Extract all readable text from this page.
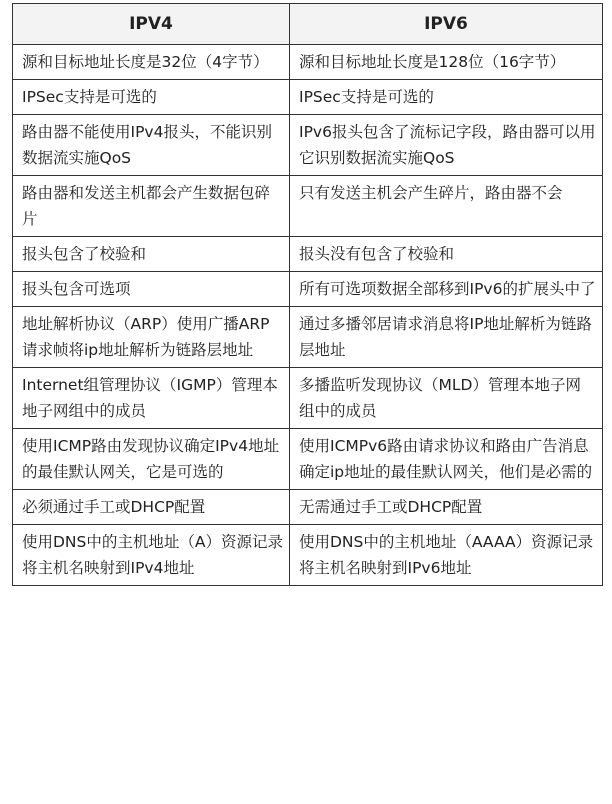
IPV4	IPV6
源和目标地址长度是32位（4字节）	源和目标地址长度是128位（16字节）
IPSec支持是可选的	IPSec支持是可选的
路由器不能使用IPv4报头，不能识别数据流实施QoS	IPv6报头包含了流标记字段，路由器可以用它识别数据流实施QoS
路由器和发送主机都会产生数据包碎片	只有发送主机会产生碎片，路由器不会
报头包含了校验和	报头没有包含了校验和
报头包含可选项	所有可选项数据全部移到IPv6的扩展头中了
地址解析协议（ARP）使用广播ARP请求帧将ip地址解析为链路层地址	通过多播邻居请求消息将IP地址解析为链路层地址
Internet组管理协议（IGMP）管理本地子网组中的成员	多播监听发现协议（MLD）管理本地子网组中的成员
使用ICMP路由发现协议确定IPv4地址的最佳默认网关，它是可选的	使用ICMPv6路由请求协议和路由广告消息确定ip地址的最佳默认网关，他们是必需的
必须通过手工或DHCP配置	无需通过手工或DHCP配置
使用DNS中的主机地址（A）资源记录将主机名映射到IPv4地址	使用DNS中的主机地址（AAAA）资源记录将主机名映射到IPv6地址
